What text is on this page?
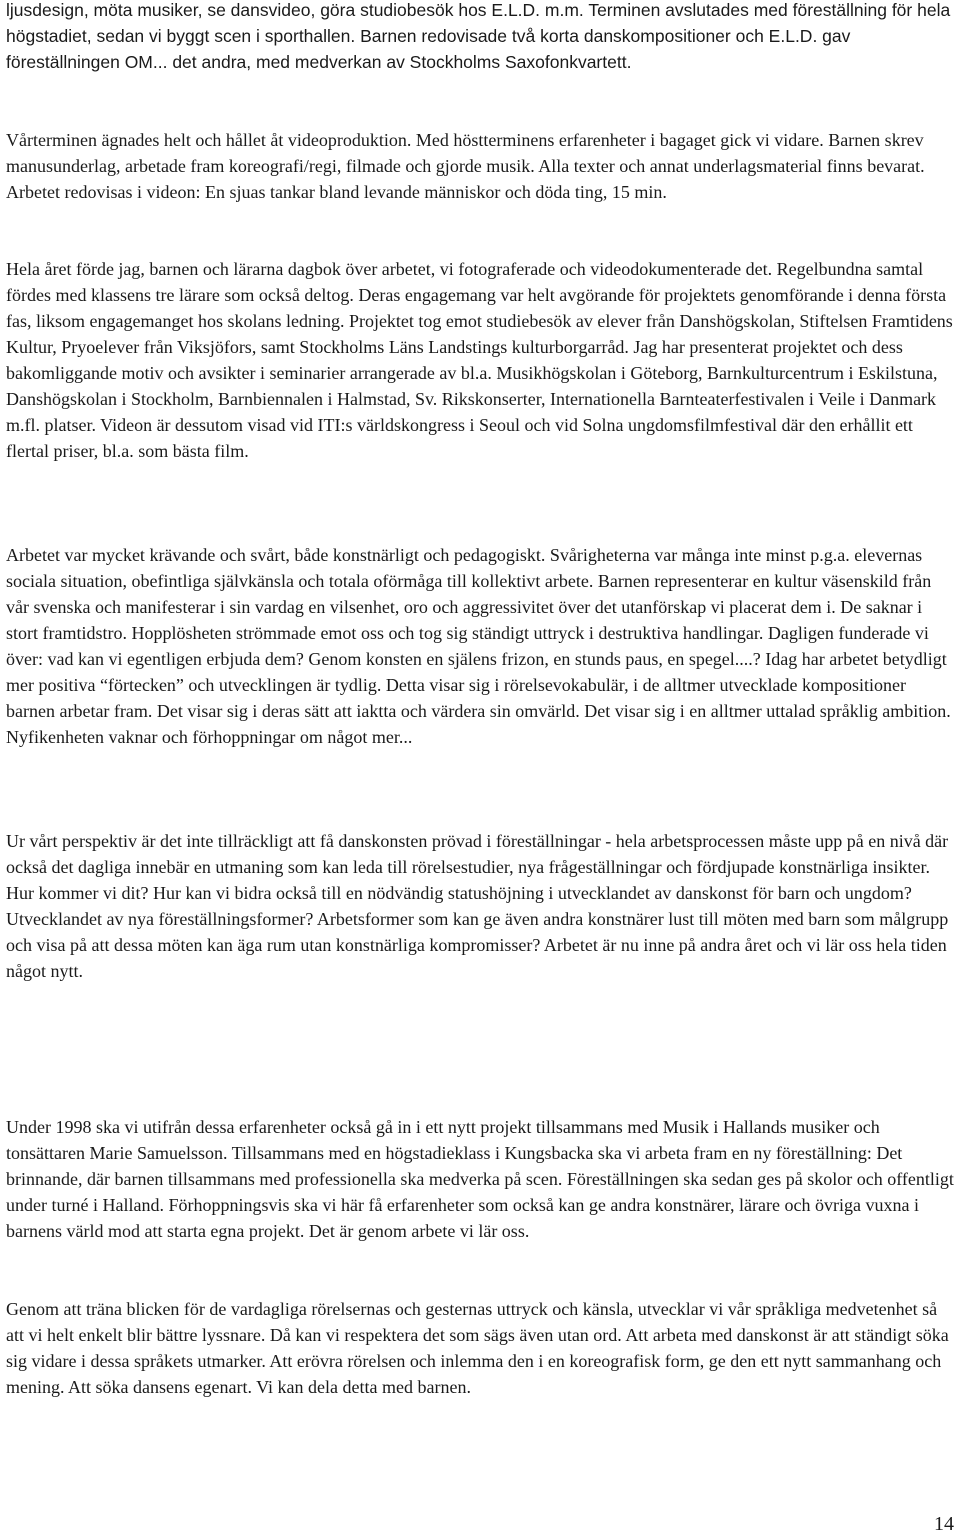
ljusdesign, möta musiker, se dansvideo, göra studiobesök hos E.L.D. m.m. Terminen avslutades med föreställning för hela högstadiet, sedan vi byggt scen i sporthallen. Barnen redovisade två korta danskompositioner och E.L.D. gav föreställningen OM... det andra, med medverkan av Stockholms Saxofonkvartett.

Vårterminen ägnades helt och hållet åt videoproduktion. Med höstterminens erfarenheter i bagaget gick vi vidare. Barnen skrev manusunderlag, arbetade fram koreografi/regi, filmade och gjorde musik. Alla texter och annat underlagsmaterial finns bevarat. Arbetet redovisas i videon: En sjuas tankar bland levande människor och döda ting, 15 min.

Hela året förde jag, barnen och lärarna dagbok över arbetet, vi fotograferade och videodokumenterade det. Regelbundna samtal fördes med klassens tre lärare som också deltog. Deras engagemang var helt avgörande för projektets genomförande i denna första fas, liksom engagemanget hos skolans ledning. Projektet tog emot studiebesök av elever från Danshögskolan, Stiftelsen Framtidens Kultur, Pryoelever från Viksjöfors, samt Stockholms Läns Landstings kulturborgarråd. Jag har presenterat projektet och dess bakomliggande motiv och avsikter i seminarier arrangerade av bl.a. Musikhögskolan i Göteborg, Barnkulturcentrum i Eskilstuna, Danshögskolan i Stockholm, Barnbiennalen i Halmstad, Sv. Rikskonserter, Internationella Barnteaterfestivalen i Veile i Danmark m.fl. platser. Videon är dessutom visad vid ITI:s världskongress i Seoul och vid Solna ungdomsfilmfestival där den erhållit ett flertal priser, bl.a. som bästa film.

Arbetet var mycket krävande och svårt, både konstnärligt och pedagogiskt. Svårigheterna var många inte minst p.g.a. elevernas sociala situation, obefintliga självkänsla och totala oförmåga till kollektivt arbete. Barnen representerar en kultur väsenskild från vår svenska och manifesterar i sin vardag en vilsenhet, oro och aggressivitet över det utanförskap vi placerat dem i. De saknar i stort framtidstro. Hopplösheten strömmade emot oss och tog sig ständigt uttryck i destruktiva handlingar. Dagligen funderade vi över: vad kan vi egentligen erbjuda dem? Genom konsten en själens frizon, en stunds paus, en spegel....? Idag har arbetet betydligt mer positiva “förtecken” och utvecklingen är tydlig. Detta visar sig i rörelsevokabulär, i de alltmer utvecklade kompositioner barnen arbetar fram. Det visar sig i deras sätt att iaktta och värdera sin omvärld. Det visar sig i en alltmer uttalad språklig ambition. Nyfikenheten vaknar och förhoppningar om något mer...

Ur vårt perspektiv är det inte tillräckligt att få danskonsten prövad i föreställningar - hela arbetsprocessen måste upp på en nivå där också det dagliga innebär en utmaning som kan leda till rörelsestudier, nya frågeställningar och fördjupade konstnärliga insikter. Hur kommer vi dit? Hur kan vi bidra också till en nödvändig statushöjning i utvecklandet av danskonst för barn och ungdom? Utvecklandet av nya föreställningsformer? Arbetsformer som kan ge även andra konstnärer lust till möten med barn som målgrupp och visa på att dessa möten kan äga rum utan konstnärliga kompromisser? Arbetet är nu inne på andra året och vi lär oss hela tiden något nytt.

Under 1998 ska vi utifrån dessa erfarenheter också gå in i ett nytt projekt tillsammans med Musik i Hallands musiker och tonsättaren Marie Samuelsson. Tillsammans med en högstadieklass i Kungsbacka ska vi arbeta fram en ny föreställning: Det brinnande, där barnen tillsammans med professionella ska medverka på scen. Föreställningen ska sedan ges på skolor och offentligt under turné i Halland. Förhoppningsvis ska vi här få erfarenheter som också kan ge andra konstnärer, lärare och övriga vuxna i barnens värld mod att starta egna projekt. Det är genom arbete vi lär oss.

Genom att träna blicken för de vardagliga rörelsernas och gesternas uttryck och känsla, utvecklar vi vår språkliga medvetenhet så att vi helt enkelt blir bättre lyssnare. Då kan vi respektera det som sägs även utan ord. Att arbeta med danskonst är att ständigt söka sig vidare i dessa språkets utmarker. Att erövra rörelsen och inlemma den i en koreografisk form, ge den ett nytt sammanhang och mening. Att söka dansens egenart. Vi kan dela detta med barnen.

14
